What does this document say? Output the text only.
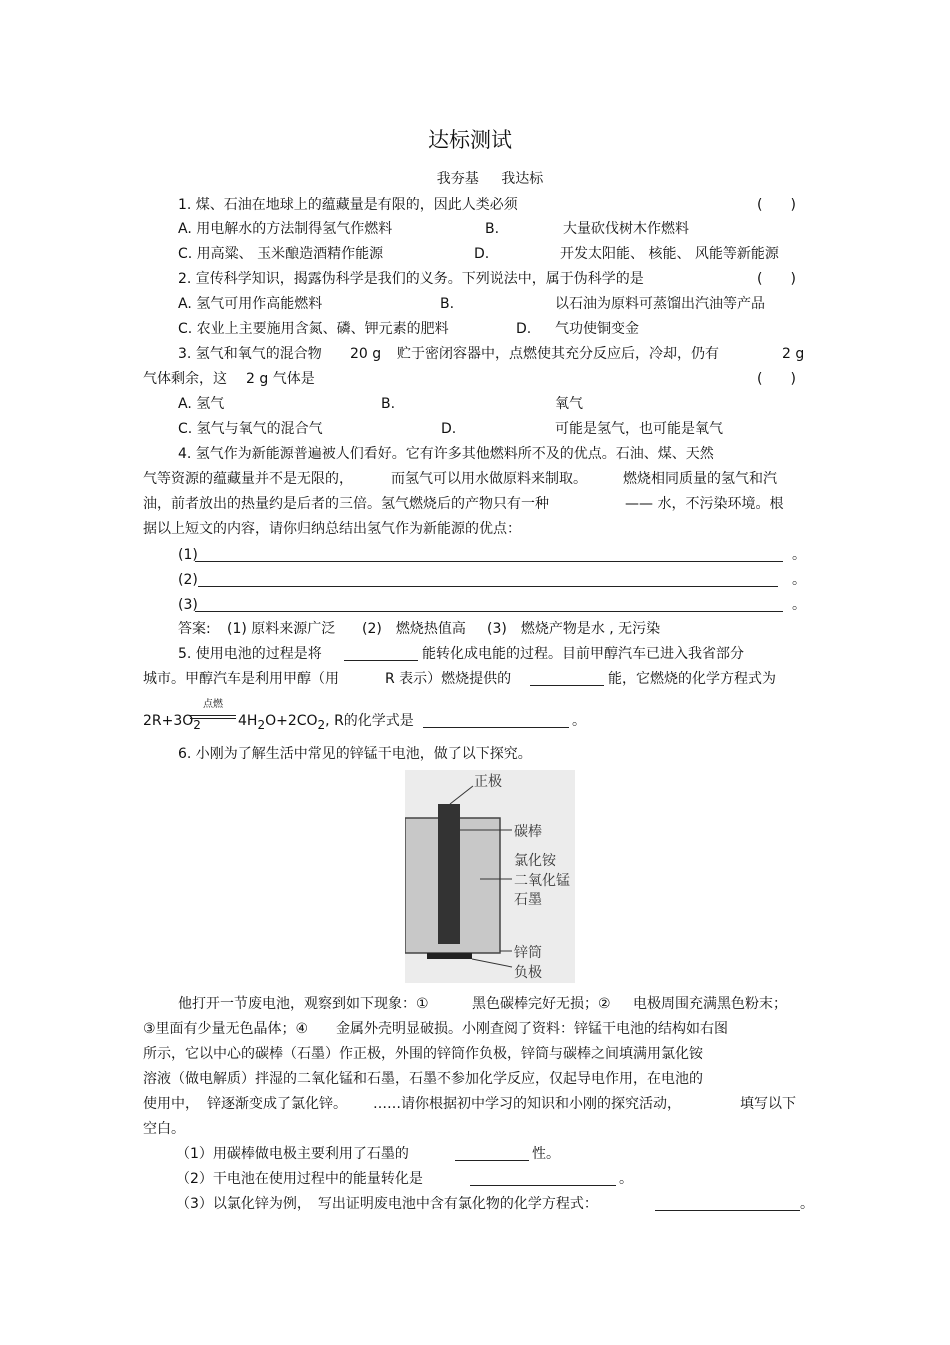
达标测试
我夯基 我达标
1. 煤、石油在地球上的蕴藏量是有限的，因此人类必须	(　　)
A. 用电解水的方法制得氢气作燃料	B.	大量砍伐树木作燃料
C. 用高粱、 玉米酿造酒精作能源	D.	开发太阳能、 核能、 风能等新能源
2. 宣传科学知识，揭露伪科学是我们的义务。下列说法中，属于伪科学的是	(　　)
A. 氢气可用作高能燃料	B.	以石油为原料可蒸馏出汽油等产品
C. 农业上主要施用含氮、磷、钾元素的肥料	D. 气功使铜变金
3. 氢气和氧气的混合物 20 g 贮于密闭容器中，点燃使其充分反应后，冷却，仍有	2 g
气体剩余，这 2 g 气体是	(　　)
A. 氢气	B.	氧气
C. 氢气与氧气的混合气	D.	可能是氢气，也可能是氧气
4. 氢气作为新能源普遍被人们看好。它有许多其他燃料所不及的优点。石油、煤、天然
气等资源的蕴藏量并不是无限的，	而氢气可以用水做原料来制取。	燃烧相同质量的氢气和汽
油，前者放出的热量约是后者的三倍。氢气燃烧后的产物只有一种	—— 水，不污染环境。根
据以上短文的内容，请你归纳总结出氢气作为新能源的优点：
(1)	。
(2)	。
(3)	。
答案: (1) 原料来源广泛 (2)　燃烧热值高 (3)　燃烧产物是水 , 无污染
5. 使用电池的过程是将	能转化成电能的过程。目前甲醇汽车已进入我省部分
城市。甲醇汽车是利用甲醇（用	R 表示）燃烧提供的	能，它燃烧的化学方程式为
$2R+3O_2$
点燃
$4H_2O+2CO_2$, R的化学式是	。
6. 小刚为了解生活中常见的锌锰干电池，做了以下探究。
正极
碳棒
氯化铵
二氧化锰
石墨
锌筒
负极
他打开一节废电池，观察到如下现象：①	黑色碳棒完好无损；② 电极周围充满黑色粉末；
③里面有少量无色晶体；④ 金属外壳明显破损。小刚查阅了资料：锌锰干电池的结构如右图
所示，它以中心的碳棒（石墨）作正极，外围的锌筒作负极，锌筒与碳棒之间填满用氯化铵
溶液（做电解质）拌湿的二氧化锰和石墨，石墨不参加化学反应，仅起导电作用，在电池的
使用中， 锌逐渐变成了氯化锌。 ……请你根据初中学习的知识和小刚的探究活动，	填写以下
空白。
（1）用碳棒做电极主要利用了石墨的	性。
（2）干电池在使用过程中的能量转化是	。
（3）以氯化锌为例，　写出证明废电池中含有氯化物的化学方程式：	。
